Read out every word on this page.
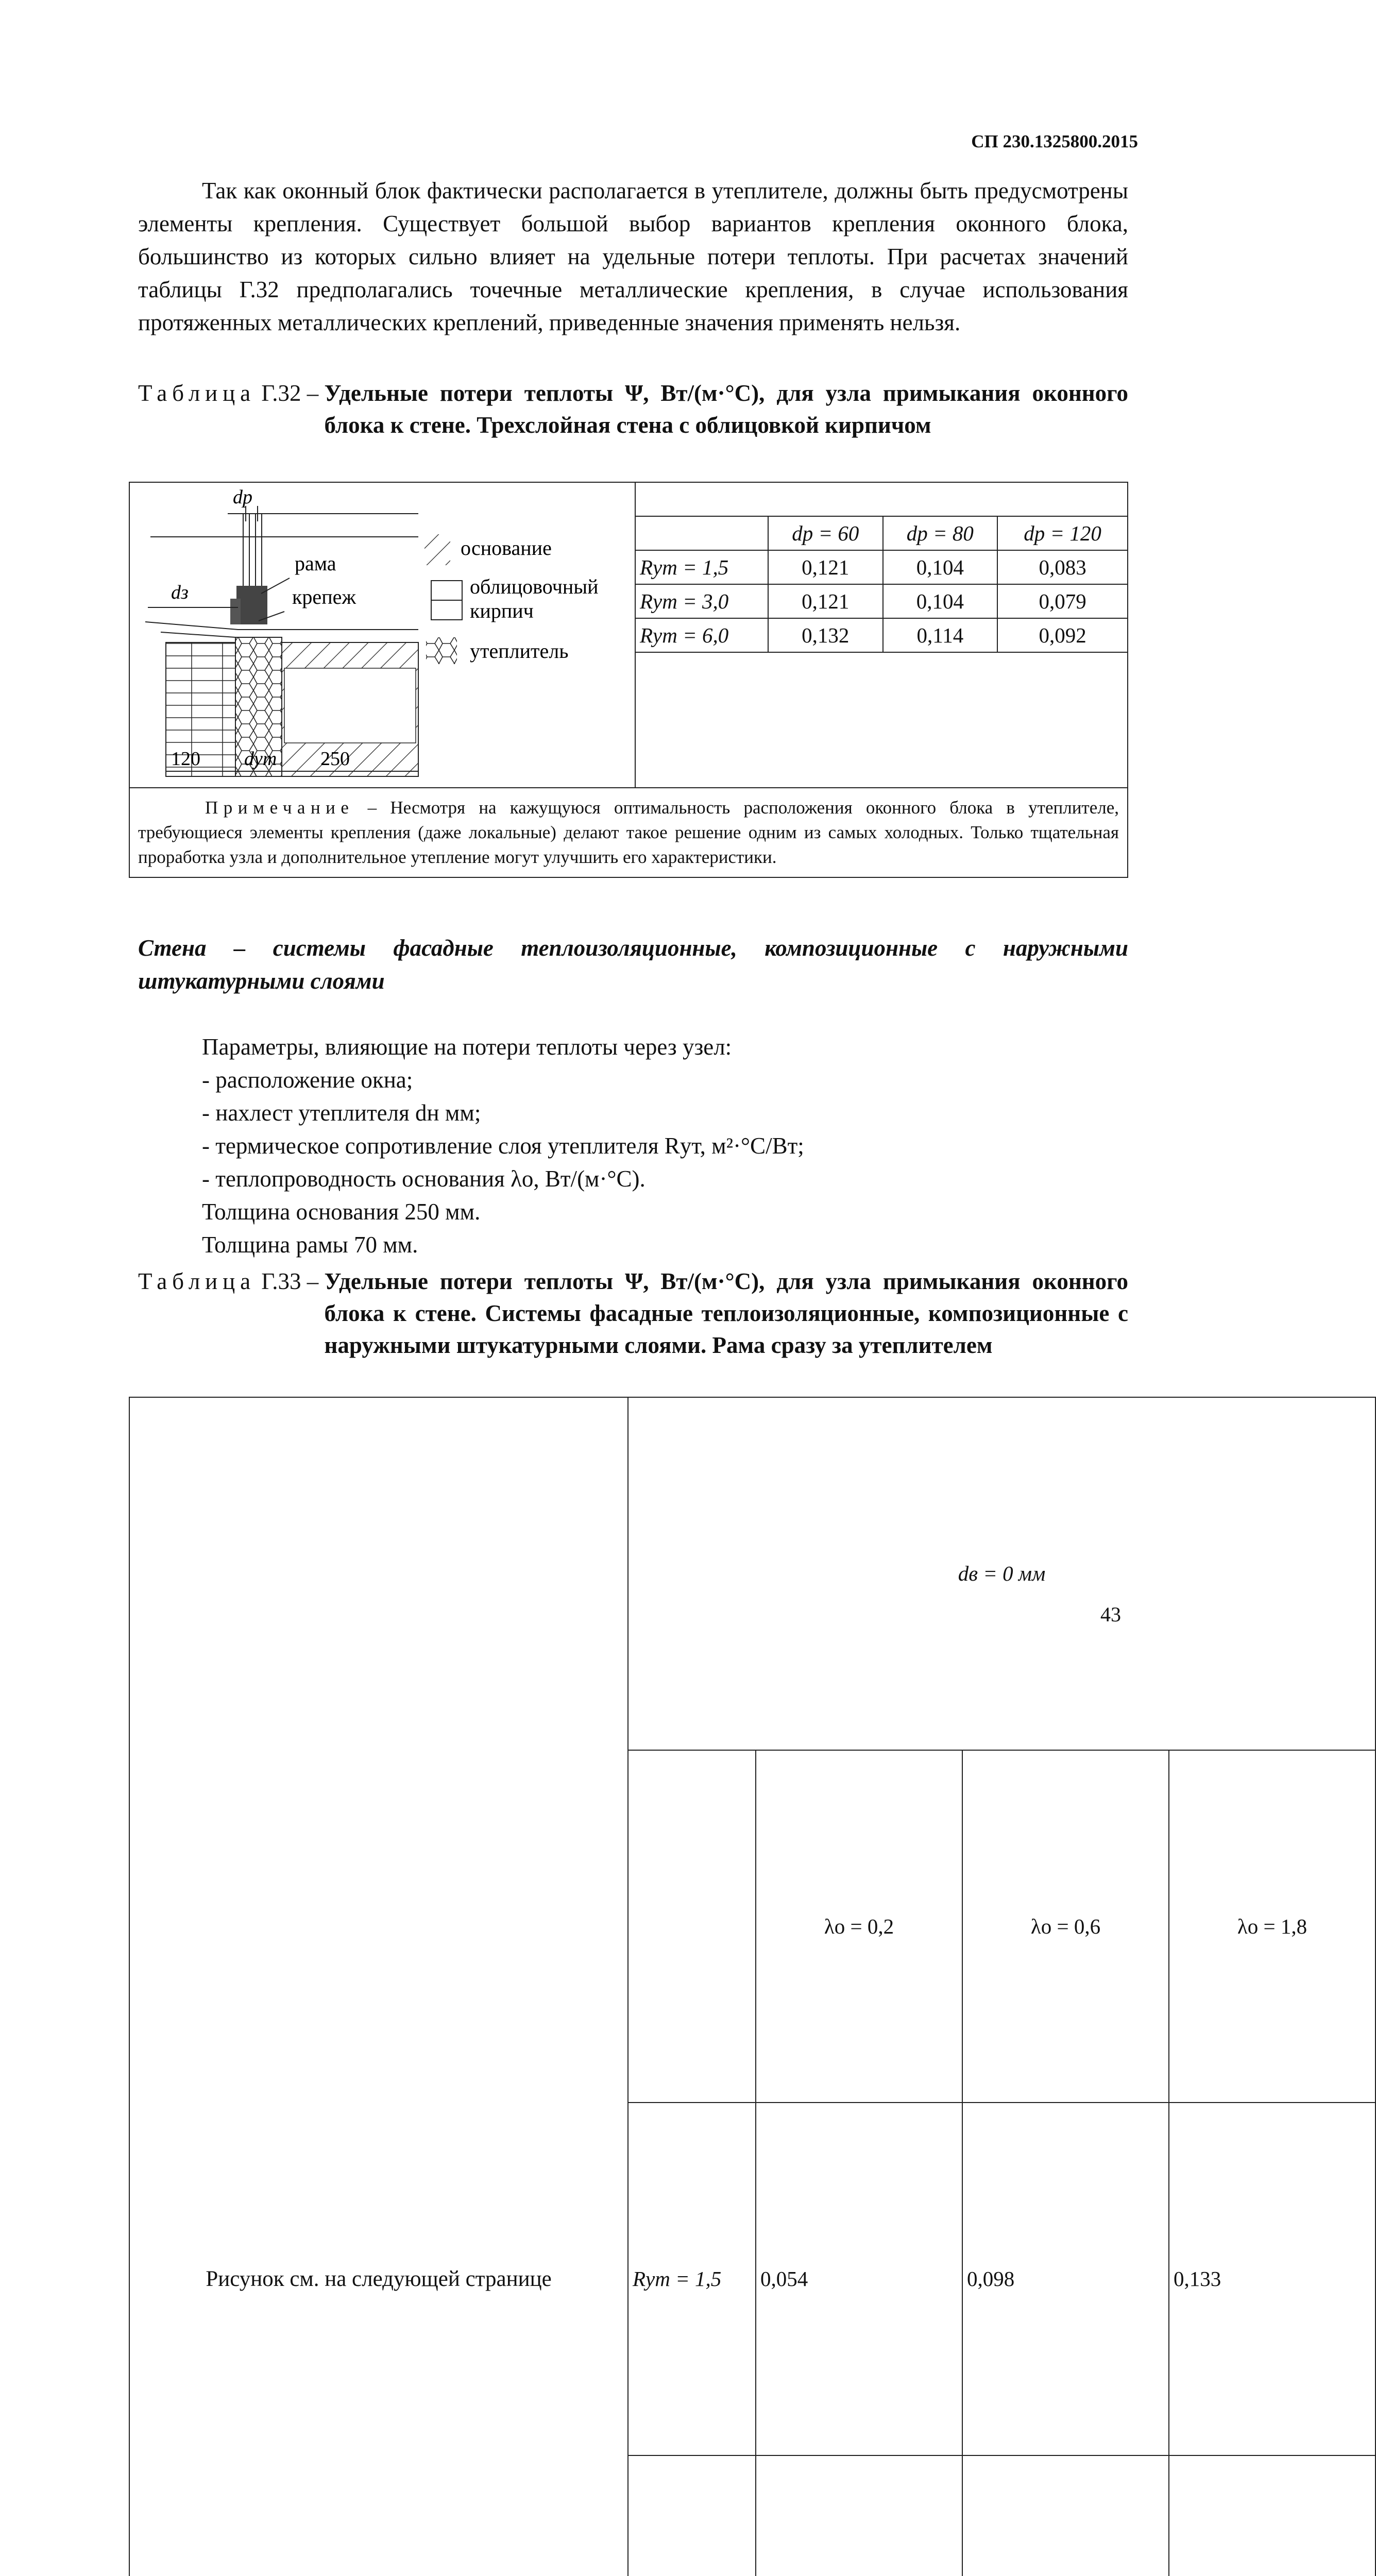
СП 230.1325800.2015

Так как оконный блок фактически располагается в утеплителе, должны быть предусмотрены элементы крепления. Существует большой выбор вариантов крепления оконного блока, большинство из которых сильно влияет на удельные потери теплоты. При расчетах значений таблицы Г.32 предполагались точечные металлические крепления, в случае использования протяженных металлических креплений, приведенные значения применять нельзя.

Таблица Г.32 – Удельные потери теплоты Ψ, Вт/(м·°С), для узла примыкания оконного блока к стене. Трехслойная стена с облицовкой кирпичом
dр
dз
рама
крепеж
120 dут 250
основание
облицовочный
кирпич
утеплитель

	dр = 60	dр = 80	dр = 120
Rут = 1,5	0,121	0,104	0,083
Rут = 3,0	0,121	0,104	0,079
Rут = 6,0	0,132	0,114	0,092

Примечание – Несмотря на кажущуюся оптимальность расположения оконного блока в утеплителе, требующиеся элементы крепления (даже локальные) делают такое решение одним из самых холодных. Только тщательная проработка узла и дополнительное утепление могут улучшить его характеристики.
Стена – системы фасадные теплоизоляционные, композиционные с наружными штукатурными слоями
Параметры, влияющие на потери теплоты через узел:
- расположение окна;
- нахлест утеплителя dн мм;
- термическое сопротивление слоя утеплителя Rут, м²·°С/Вт;
- теплопроводность основания λо, Вт/(м·°С).
Толщина основания 250 мм.
Толщина рамы 70 мм.
Таблица Г.33 – Удельные потери теплоты Ψ, Вт/(м·°С), для узла примыкания оконного блока к стене. Системы фасадные теплоизоляционные, композиционные с наружными штукатурными слоями. Рама сразу за утеплителем
Рисунок см. на следующей странице	dв = 0 мм			
		λо = 0,2	λо = 0,6	λо = 1,8
	Rут = 1,5	0,054	0,098	0,133

43
